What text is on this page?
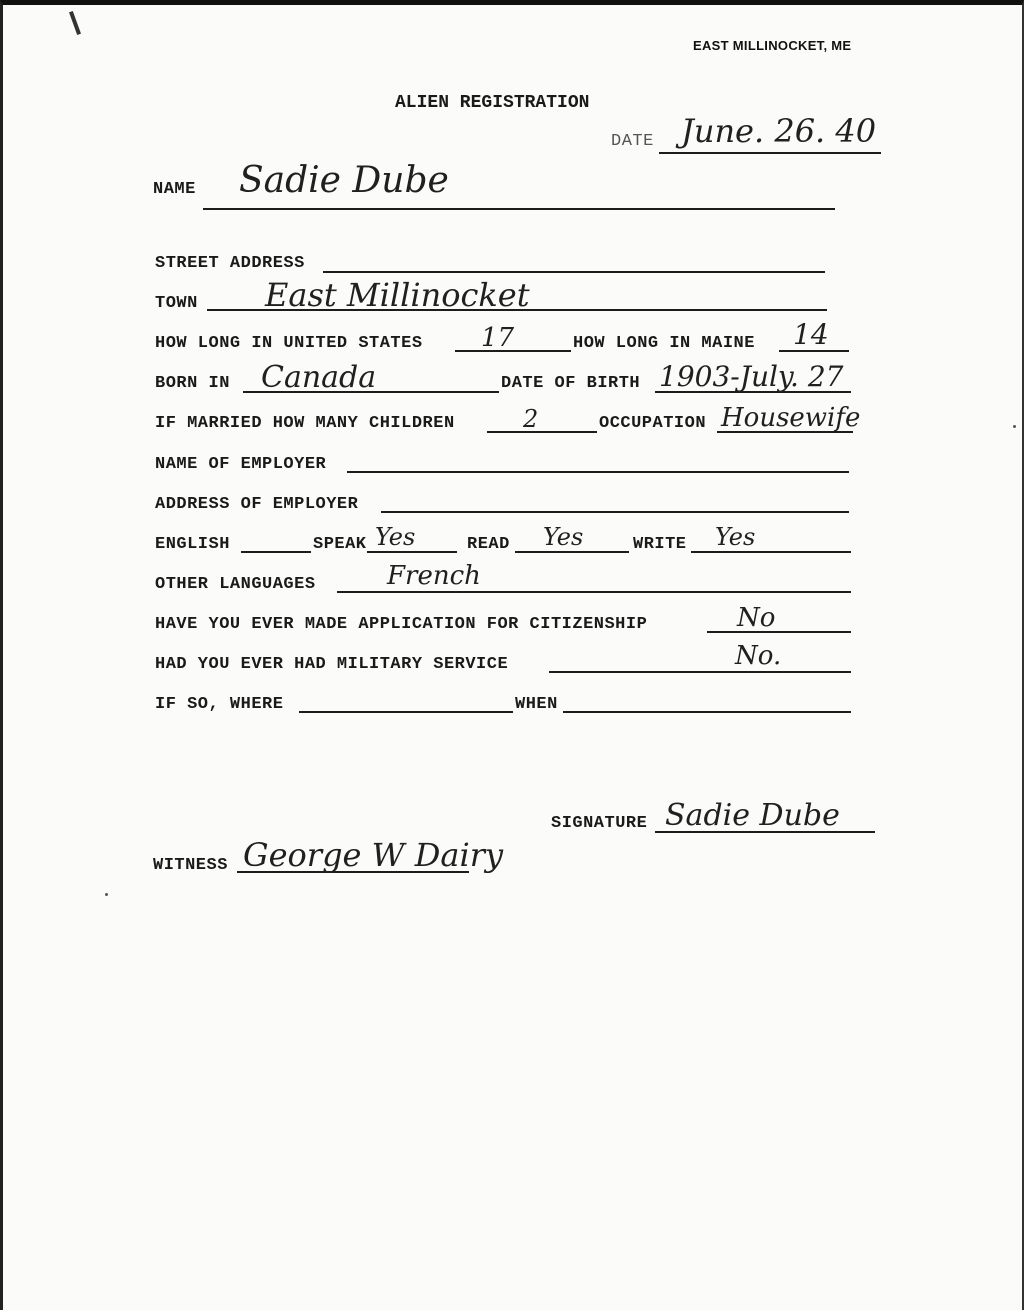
EAST MILLINOCKET, ME
ALIEN REGISTRATION
DATE June. 26. 40
NAME Sadie Dube
STREET ADDRESS
TOWN East Millinocket
HOW LONG IN UNITED STATES 17	HOW LONG IN MAINE 14
BORN IN Canada	DATE OF BIRTH 1903-July. 27
IF MARRIED HOW MANY CHILDREN	2	OCCUPATION Housewife
NAME OF EMPLOYER
ADDRESS OF EMPLOYER
ENGLISH	SPEAK Yes	READ Yes	WRITE Yes
OTHER LANGUAGES	French
HAVE YOU EVER MADE APPLICATION FOR CITIZENSHIP	No
HAD YOU EVER HAD MILITARY SERVICE	No.
IF SO, WHERE	WHEN
SIGNATURE Sadie Dube
WITNESS George W Dairy
